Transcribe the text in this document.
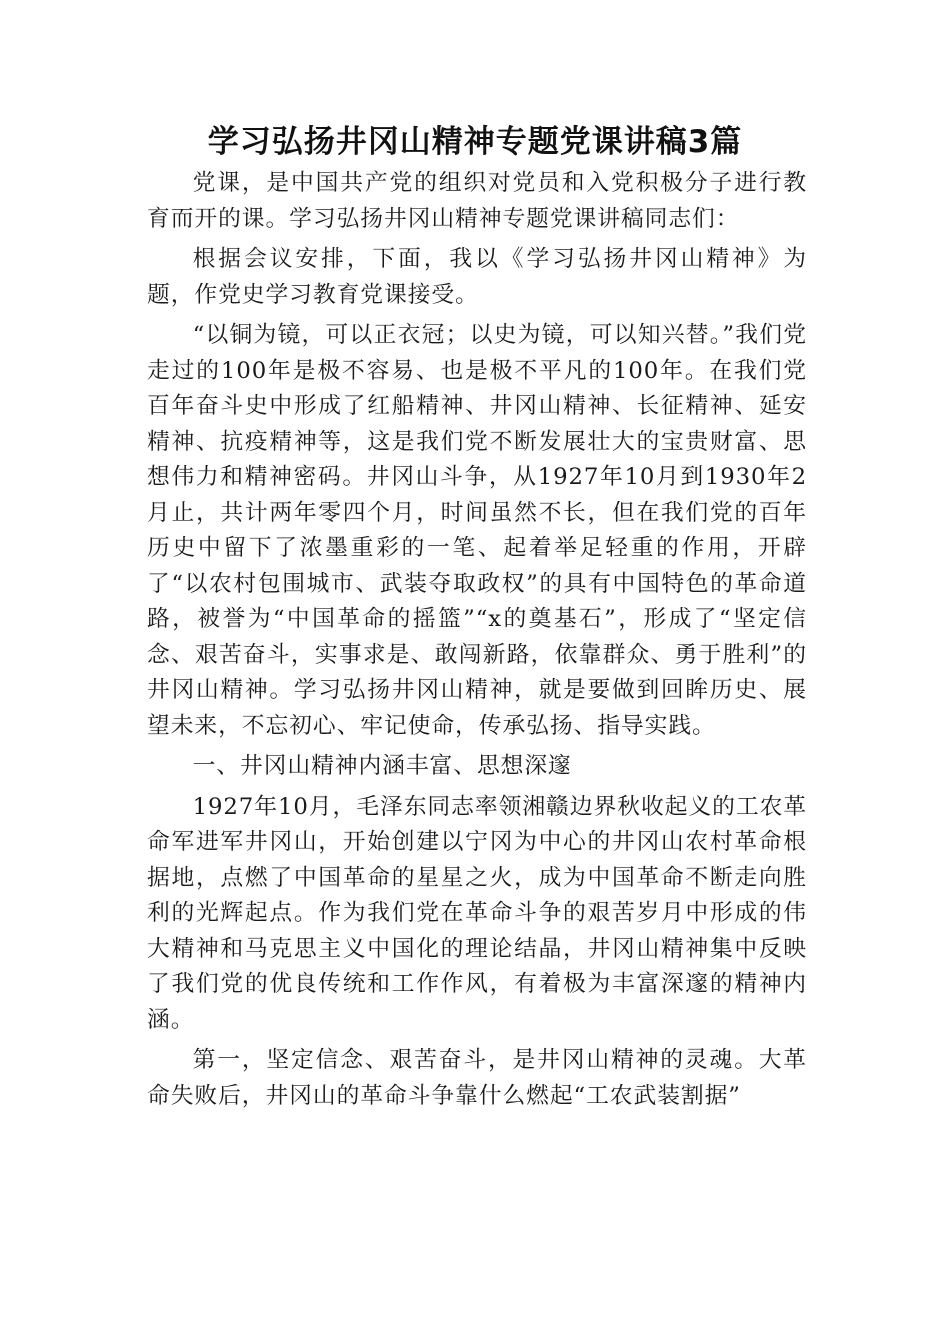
学习弘扬井冈山精神专题党课讲稿3篇

党课，是中国共产党的组织对党员和入党积极分子进行教育而开的课。学习弘扬井冈山精神专题党课讲稿同志们：

根据会议安排，下面，我以《学习弘扬井冈山精神》为题，作党史学习教育党课接受。

“以铜为镜，可以正衣冠；以史为镜，可以知兴替。”我们党走过的100年是极不容易、也是极不平凡的100年。在我们党百年奋斗史中形成了红船精神、井冈山精神、长征精神、延安精神、抗疫精神等，这是我们党不断发展壮大的宝贵财富、思想伟力和精神密码。井冈山斗争，从1927年10月到1930年2月止，共计两年零四个月，时间虽然不长，但在我们党的百年历史中留下了浓墨重彩的一笔、起着举足轻重的作用，开辟了“以农村包围城市、武装夺取政权”的具有中国特色的革命道路，被誉为“中国革命的摇篮”“x的奠基石”，形成了“坚定信念、艰苦奋斗，实事求是、敢闯新路，依靠群众、勇于胜利”的井冈山精神。学习弘扬井冈山精神，就是要做到回眸历史、展望未来，不忘初心、牢记使命，传承弘扬、指导实践。

一、井冈山精神内涵丰富、思想深邃

1927年10月，毛泽东同志率领湘赣边界秋收起义的工农革命军进军井冈山，开始创建以宁冈为中心的井冈山农村革命根据地，点燃了中国革命的星星之火，成为中国革命不断走向胜利的光辉起点。作为我们党在革命斗争的艰苦岁月中形成的伟大精神和马克思主义中国化的理论结晶，井冈山精神集中反映了我们党的优良传统和工作作风，有着极为丰富深邃的精神内涵。

第一，坚定信念、艰苦奋斗，是井冈山精神的灵魂。大革命失败后，井冈山的革命斗争靠什么燃起“工农武装割据”
